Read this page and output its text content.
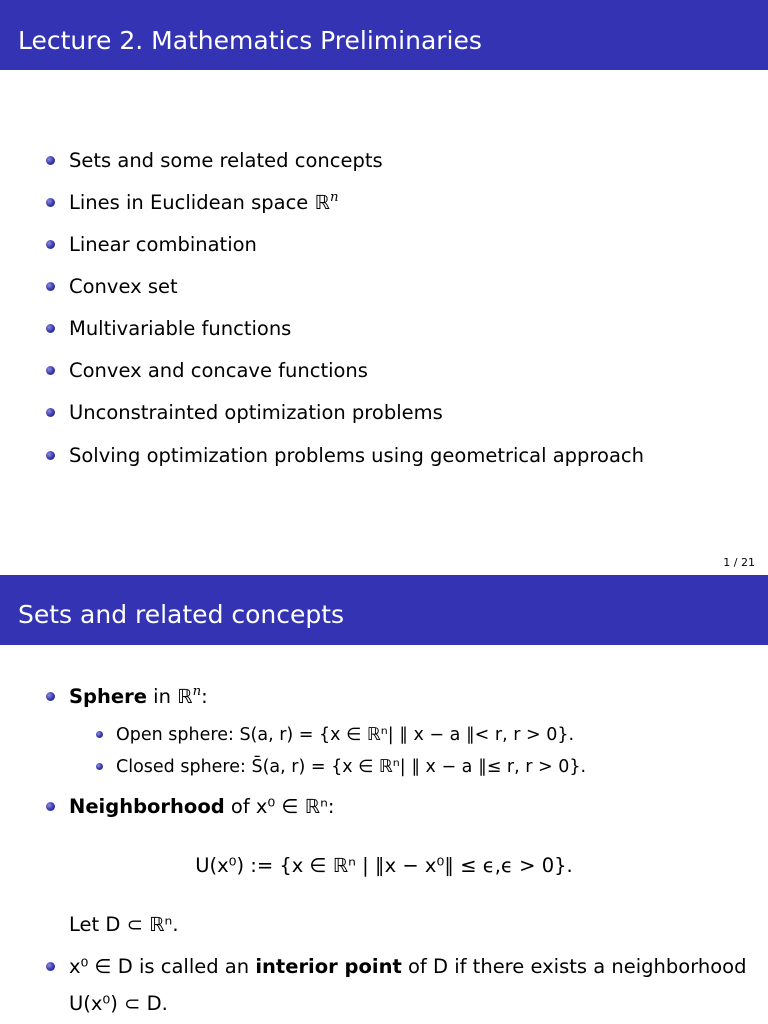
Lecture 2. Mathematics Preliminaries
Sets and some related concepts
Lines in Euclidean space ℝ$^n$
Linear combination
Convex set
Multivariable functions
Convex and concave functions
Unconstrainted optimization problems
Solving optimization problems using geometrical approach
1 / 21
Sets and related concepts
Sphere in ℝ$^n$:
Open sphere: S(a, r) = {x ∈ ℝⁿ| ∥ x − a ∥< r, r > 0}.
Closed sphere: S̄(a, r) = {x ∈ ℝⁿ| ∥ x − a ∥≤ r, r > 0}.
Neighborhood of x⁰ ∈ ℝⁿ:
U(x⁰) := {x ∈ ℝⁿ | ∥x − x⁰∥ ≤ ϵ,ϵ > 0}.
Let D ⊂ ℝⁿ.
x⁰ ∈ D is called an interior point of D if there exists a neighborhood
U(x⁰) ⊂ D.
